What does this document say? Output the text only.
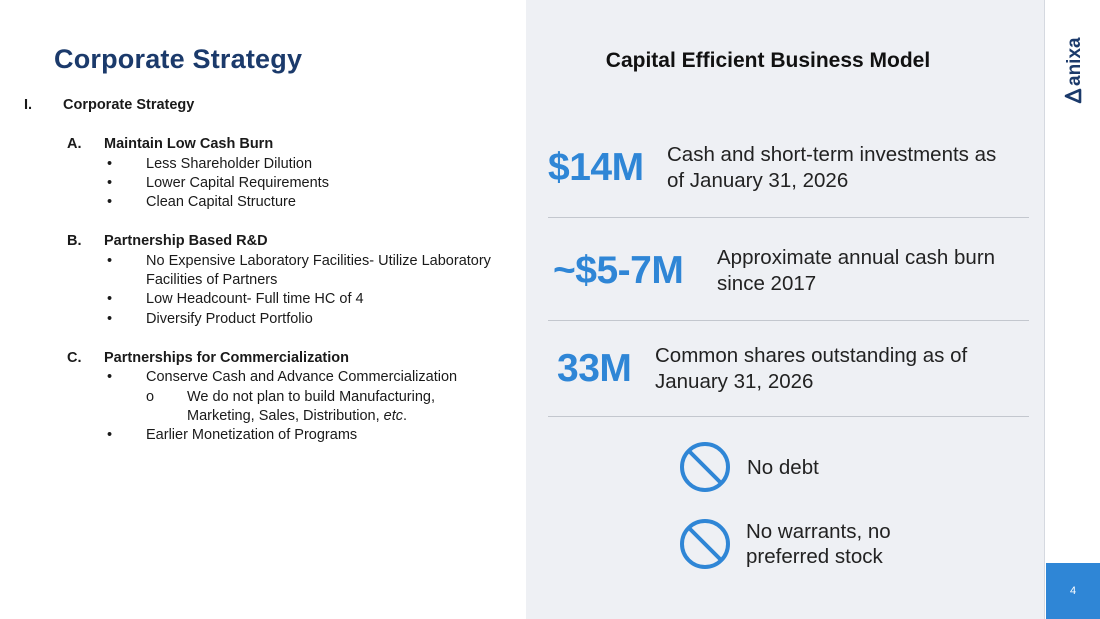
anixa
4
Corporate Strategy
I.	Corporate Strategy
A.	Maintain Low Cash Burn
•	Less Shareholder Dilution
•	Lower Capital Requirements
•	Clean Capital Structure
B.	Partnership Based R&D
•	No Expensive Laboratory Facilities- Utilize Laboratory Facilities of Partners
•	Low Headcount- Full time HC of 4
•	Diversify Product Portfolio
C.	Partnerships for Commercialization
•	Conserve Cash and Advance Commercialization
o	We do not plan to build Manufacturing, Marketing, Sales, Distribution, etc.
•	Earlier Monetization of Programs
Capital Efficient Business Model
$14M	Cash and short-term investments as of January 31, 2026
~$5-7M	Approximate annual cash burn since 2017
33M	Common shares outstanding as of January 31, 2026
No debt
No warrants, no preferred stock
